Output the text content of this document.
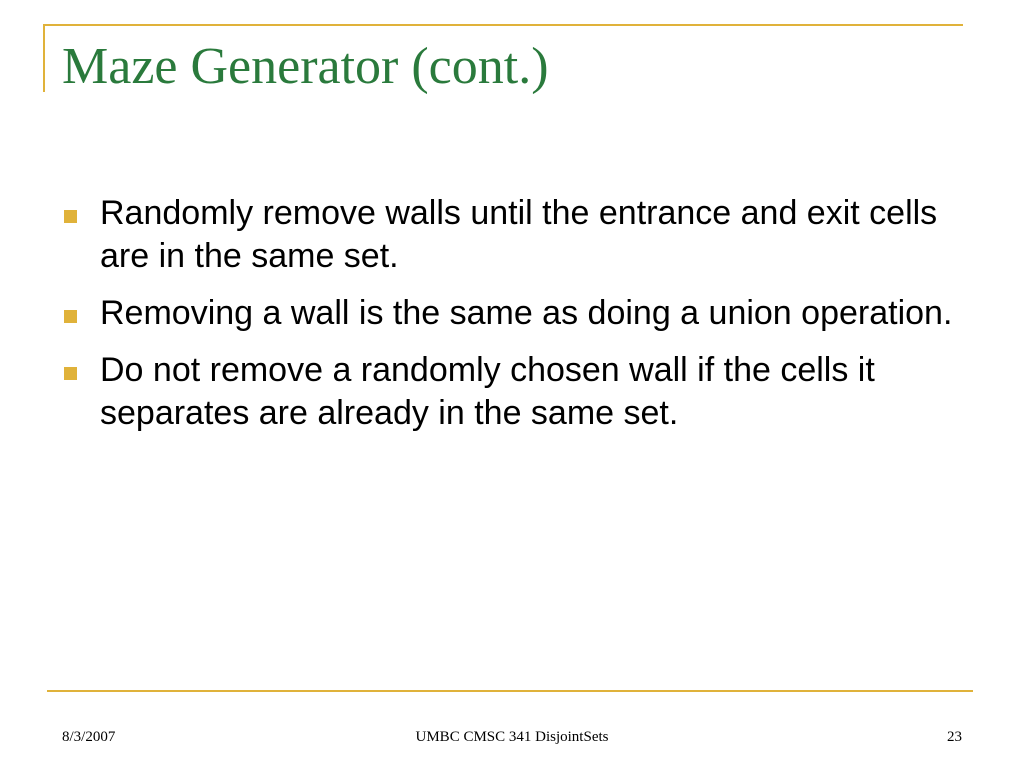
Maze Generator (cont.)
Randomly remove walls until the entrance and exit cells are in the same set.
Removing a wall is the same as doing a union operation.
Do not remove a randomly chosen wall if the cells it separates are already in the same set.
8/3/2007	UMBC CMSC 341 DisjointSets	23
